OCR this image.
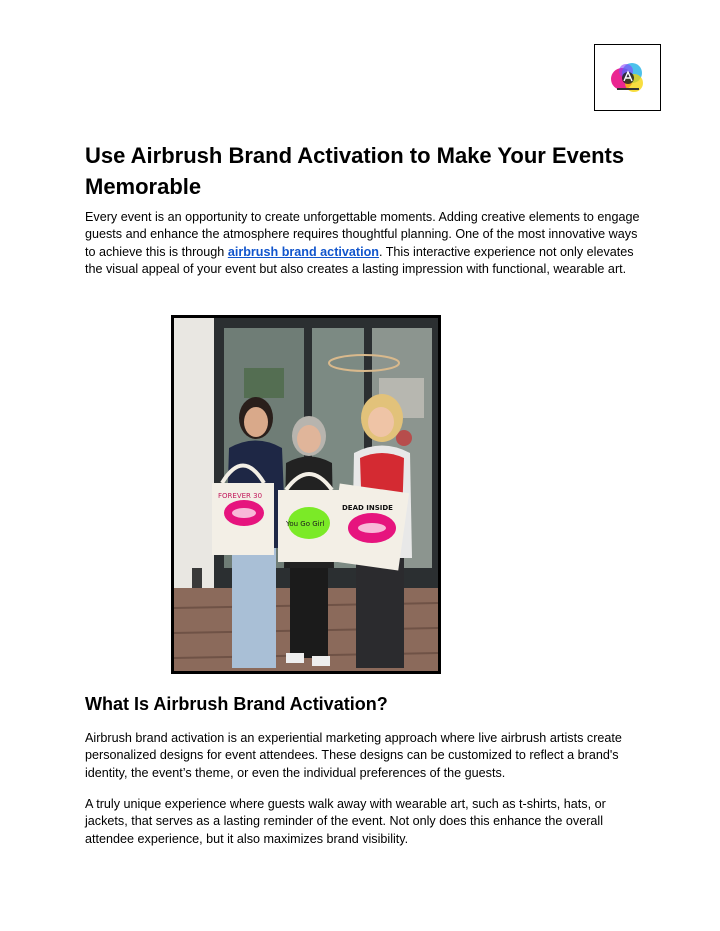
Use Airbrush Brand Activation to Make Your Events Memorable

Every event is an opportunity to create unforgettable moments. Adding creative elements to engage guests and enhance the atmosphere requires thoughtful planning. One of the most innovative ways to achieve this is through airbrush brand activation. This interactive experience not only elevates the visual appeal of your event but also creates a lasting impression with functional, wearable art.

FOREVER 30
You Go Girl
DEAD INSIDE
What Is Airbrush Brand Activation?

Airbrush brand activation is an experiential marketing approach where live airbrush artists create personalized designs for event attendees. These designs can be customized to reflect a brand's identity, the event’s theme, or even the individual preferences of the guests.

A truly unique experience where guests walk away with wearable art, such as t-shirts, hats, or jackets, that serves as a lasting reminder of the event. Not only does this enhance the overall attendee experience, but it also maximizes brand visibility.
